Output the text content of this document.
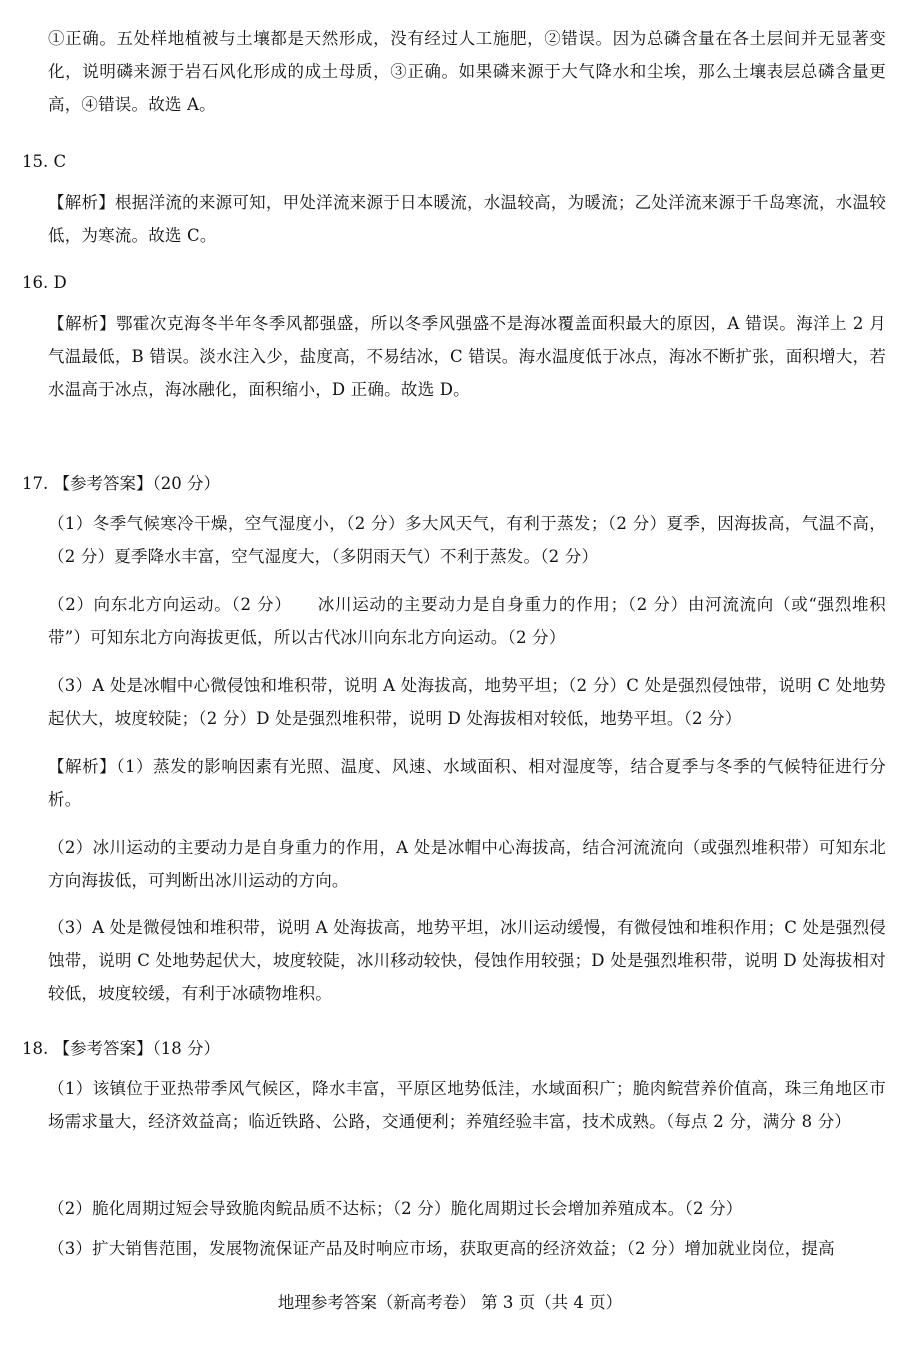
①正确。五处样地植被与土壤都是天然形成，没有经过人工施肥，②错误。因为总磷含量在各土层间并无显著变化，说明磷来源于岩石风化形成的成土母质，③正确。如果磷来源于大气降水和尘埃，那么土壤表层总磷含量更高，④错误。故选 A。

15. C

【解析】根据洋流的来源可知，甲处洋流来源于日本暖流，水温较高，为暖流；乙处洋流来源于千岛寒流，水温较低，为寒流。故选 C。

16. D

【解析】鄂霍次克海冬半年冬季风都强盛，所以冬季风强盛不是海冰覆盖面积最大的原因，A 错误。海洋上 2 月气温最低，B 错误。淡水注入少，盐度高，不易结冰，C 错误。海水温度低于冰点，海冰不断扩张，面积增大，若水温高于冰点，海冰融化，面积缩小，D 正确。故选 D。

17. 【参考答案】（20 分）

（1）冬季气候寒冷干燥，空气湿度小，（2 分）多大风天气，有利于蒸发；（2 分）夏季，因海拔高，气温不高，（2 分）夏季降水丰富，空气湿度大，（多阴雨天气）不利于蒸发。（2 分）

（2）向东北方向运动。（2 分）　　冰川运动的主要动力是自身重力的作用；（2 分）由河流流向（或“强烈堆积带”）可知东北方向海拔更低，所以古代冰川向东北方向运动。（2 分）

（3）A 处是冰帽中心微侵蚀和堆积带，说明 A 处海拔高，地势平坦；（2 分）C 处是强烈侵蚀带，说明 C 处地势起伏大，坡度较陡；（2 分）D 处是强烈堆积带，说明 D 处海拔相对较低，地势平坦。（2 分）

【解析】（1）蒸发的影响因素有光照、温度、风速、水域面积、相对湿度等，结合夏季与冬季的气候特征进行分析。

（2）冰川运动的主要动力是自身重力的作用，A 处是冰帽中心海拔高，结合河流流向（或强烈堆积带）可知东北方向海拔低，可判断出冰川运动的方向。

（3）A 处是微侵蚀和堆积带，说明 A 处海拔高，地势平坦，冰川运动缓慢，有微侵蚀和堆积作用；C 处是强烈侵蚀带，说明 C 处地势起伏大，坡度较陡，冰川移动较快，侵蚀作用较强；D 处是强烈堆积带，说明 D 处海拔相对较低，坡度较缓，有利于冰碛物堆积。

18. 【参考答案】（18 分）

（1）该镇位于亚热带季风气候区，降水丰富，平原区地势低洼，水域面积广；脆肉鲩营养价值高，珠三角地区市场需求量大，经济效益高；临近铁路、公路，交通便利；养殖经验丰富，技术成熟。（每点 2 分，满分 8 分）

（2）脆化周期过短会导致脆肉鲩品质不达标；（2 分）脆化周期过长会增加养殖成本。（2 分）

（3）扩大销售范围，发展物流保证产品及时响应市场，获取更高的经济效益；（2 分）增加就业岗位，提高

地理参考答案（新高考卷） 第 3 页（共 4 页）
